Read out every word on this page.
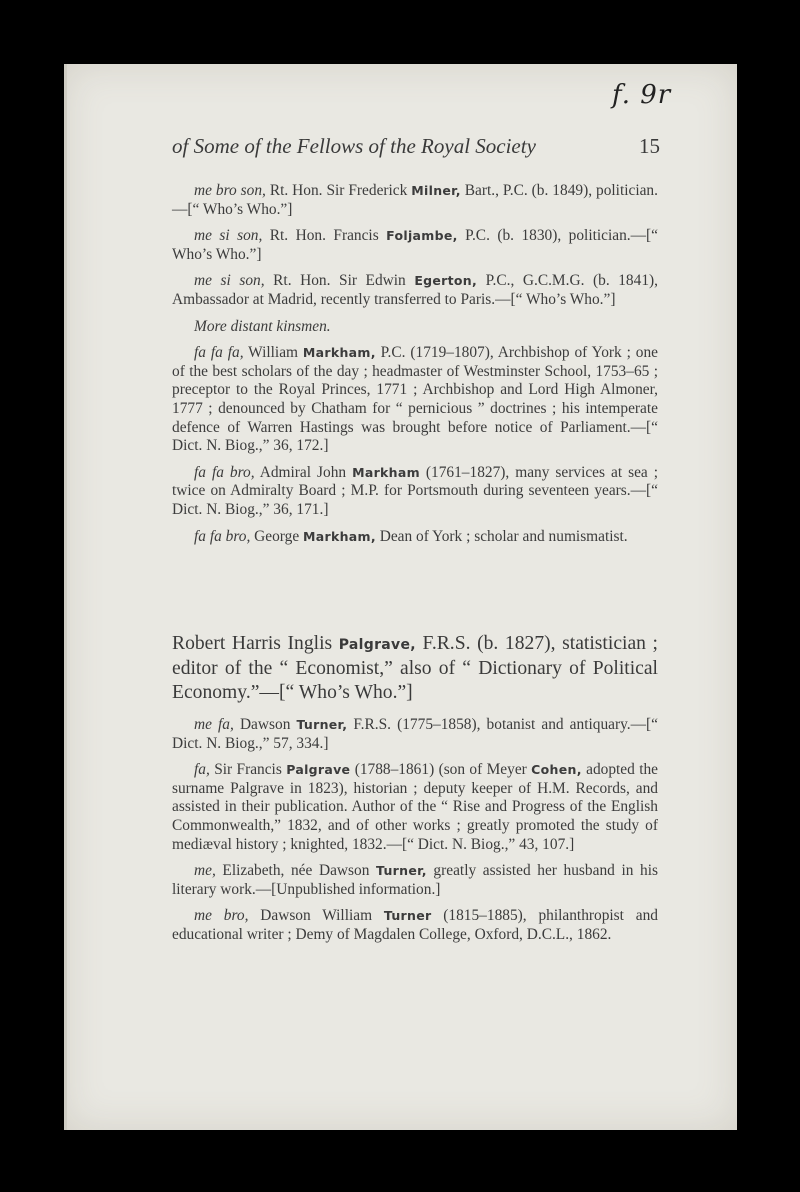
f. 9r
of Some of the Fellows of the Royal Society	15

me bro son, Rt. Hon. Sir Frederick Milner, Bart., P.C. (b. 1849), politician.—[“ Who’s Who.”]

me si son, Rt. Hon. Francis Foljambe, P.C. (b. 1830), politician.—[“ Who’s Who.”]

me si son, Rt. Hon. Sir Edwin Egerton, P.C., G.C.M.G. (b. 1841), Ambassador at Madrid, recently transferred to Paris.—[“ Who’s Who.”]

More distant kinsmen.

fa fa fa, William Markham, P.C. (1719–1807), Archbishop of York ; one of the best scholars of the day ; headmaster of Westminster School, 1753–65 ; preceptor to the Royal Princes, 1771 ; Archbishop and Lord High Almoner, 1777 ; denounced by Chatham for “ pernicious ” doctrines ; his intemperate defence of Warren Hastings was brought before notice of Parliament.—[“ Dict. N. Biog.,” 36, 172.]

fa fa bro, Admiral John Markham (1761–1827), many services at sea ; twice on Admiralty Board ; M.P. for Portsmouth during seventeen years.—[“ Dict. N. Biog.,” 36, 171.]

fa fa bro, George Markham, Dean of York ; scholar and numismatist.

Robert Harris Inglis Palgrave, F.R.S. (b. 1827), statistician ; editor of the “ Economist,” also of “ Dictionary of Political Economy.”—[“ Who’s Who.”]

me fa, Dawson Turner, F.R.S. (1775–1858), botanist and antiquary.—[“ Dict. N. Biog.,” 57, 334.]

fa, Sir Francis Palgrave (1788–1861) (son of Meyer Cohen, adopted the surname Palgrave in 1823), historian ; deputy keeper of H.M. Records, and assisted in their publication. Author of the “ Rise and Progress of the English Commonwealth,” 1832, and of other works ; greatly promoted the study of mediæval history ; knighted, 1832.—[“ Dict. N. Biog.,” 43, 107.]

me, Elizabeth, née Dawson Turner, greatly assisted her husband in his literary work.—[Unpublished information.]

me bro, Dawson William Turner (1815–1885), philanthropist and educational writer ; Demy of Magdalen College, Oxford, D.C.L., 1862.
